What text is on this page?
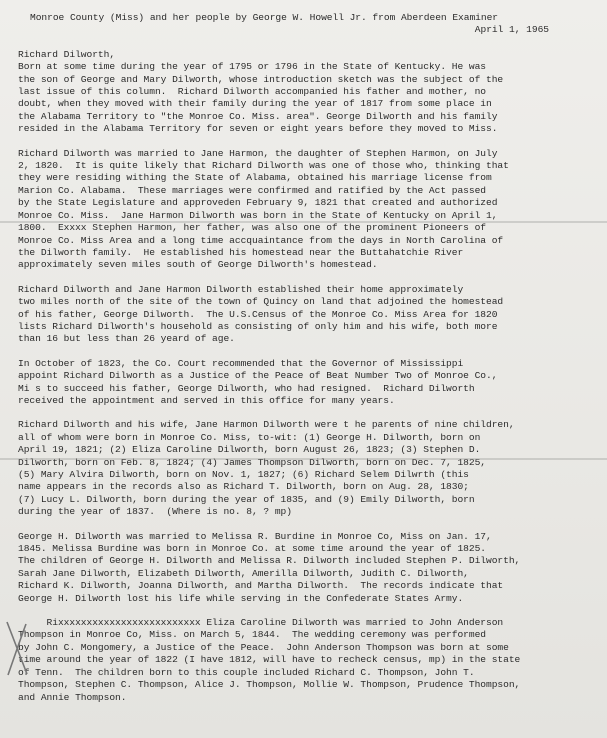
Monroe County (Miss) and her people by George W. Howell Jr. from Aberdeen Examiner
April 1, 1965
Richard Dilworth,
Born at some time during the year of 1795 or 1796 in the State of Kentucky. He was
the son of George and Mary Dilworth, whose introduction sketch was the subject of the
last issue of this column.  Richard Dilworth accompanied his father and mother, no
doubt, when they moved with their family during the year of 1817 from some place in
the Alabama Territory to "the Monroe Co. Miss. area". George Dilworth and his family
resided in the Alabama Territory for seven or eight years before they moved to Miss.
Richard Dilworth was married to Jane Harmon, the daughter of Stephen Harmon, on July
2, 1820.  It is quite likely that Richard Dilworth was one of those who, thinking that
they were residing withing the State of Alabama, obtained his marriage license from
Marion Co. Alabama.  These marriages were confirmed and ratified by the Act passed
by the State Legislature and approveden February 9, 1821 that created and authorized
Monroe Co. Miss.  Jane Harmon Dilworth was born in the State of Kentucky on April 1,
1800.  Exxxx Stephen Harmon, her father, was also one of the prominent Pioneers of
Monroe Co. Miss Area and a long time accquaintance from the days in North Carolina of
the Dilworth family.  He established his homestead near the Buttahatchie River
approximately seven miles south of George Dilworth's homestead.
Richard Dilworth and Jane Harmon Dilworth established their home approximately
two miles north of the site of the town of Quincy on land that adjoined the homestead
of his father, George Dilworth.  The U.S.Census of the Monroe Co. Miss Area for 1820
lists Richard Dilworth's household as consisting of only him and his wife, both more
than 16 but less than 26 yeard of age.
In October of 1823, the Co. Court recommended that the Governor of Mississippi
appoint Richard Dilworth as a Justice of the Peace of Beat Number Two of Monroe Co.,
Mi s to succeed his father, George Dilworth, who had resigned.  Richard Dilworth
received the appointment and served in this office for many years.
Richard Dilworth and his wife, Jane Harmon Dilworth were t he parents of nine children,
all of whom were born in Monroe Co. Miss, to-wit: (1) George H. Dilworth, born on
April 19, 1821; (2) Eliza Caroline Dilworth, born August 26, 1823; (3) Stephen D.
Dilworth, born on Feb. 8, 1824; (4) James Thompson Dilworth, born on Dec. 7, 1825,
(5) Mary Alvira Dilworth, born on Nov. 1, 1827; (6) Richard Selem Dilwrth (this
name appears in the records also as Richard T. Dilworth, born on Aug. 28, 1830;
(7) Lucy L. Dilworth, born during the year of 1835, and (9) Emily Dilworth, born
during the year of 1837.  (Where is no. 8, ? mp)
George H. Dilworth was married to Melissa R. Burdine in Monroe Co, Miss on Jan. 17,
1845. Melissa Burdine was born in Monroe Co. at some time around the year of 1825.
The children of George H. Dilworth and Melissa R. Dilworth included Stephen P. Dilworth,
Sarah Jane Dilworth, Elizabeth Dilworth, Amerilla Dilworth, Judith C. Dilworth,
Richard K. Dilworth, Joanna Dilworth, and Martha Dilworth.  The records indicate that
George H. Dilworth lost his life while serving in the Confederate States Army.
Rixxxxxxxxxxxxxxxxxxxxxxxxx Eliza Caroline Dilworth was married to John Anderson
Thompson in Monroe Co, Miss. on March 5, 1844.  The wedding ceremony was performed
by John C. Mongomery, a Justice of the Peace.  John Anderson Thompson was born at some
time around the year of 1822 (I have 1812, will have to recheck census, mp) in the state
of Tenn.  The children born to this couple included Richard C. Thompson, John T.
Thompson, Stephen C. Thompson, Alice J. Thompson, Mollie W. Thompson, Prudence Thompson,
and Annie Thompson.
